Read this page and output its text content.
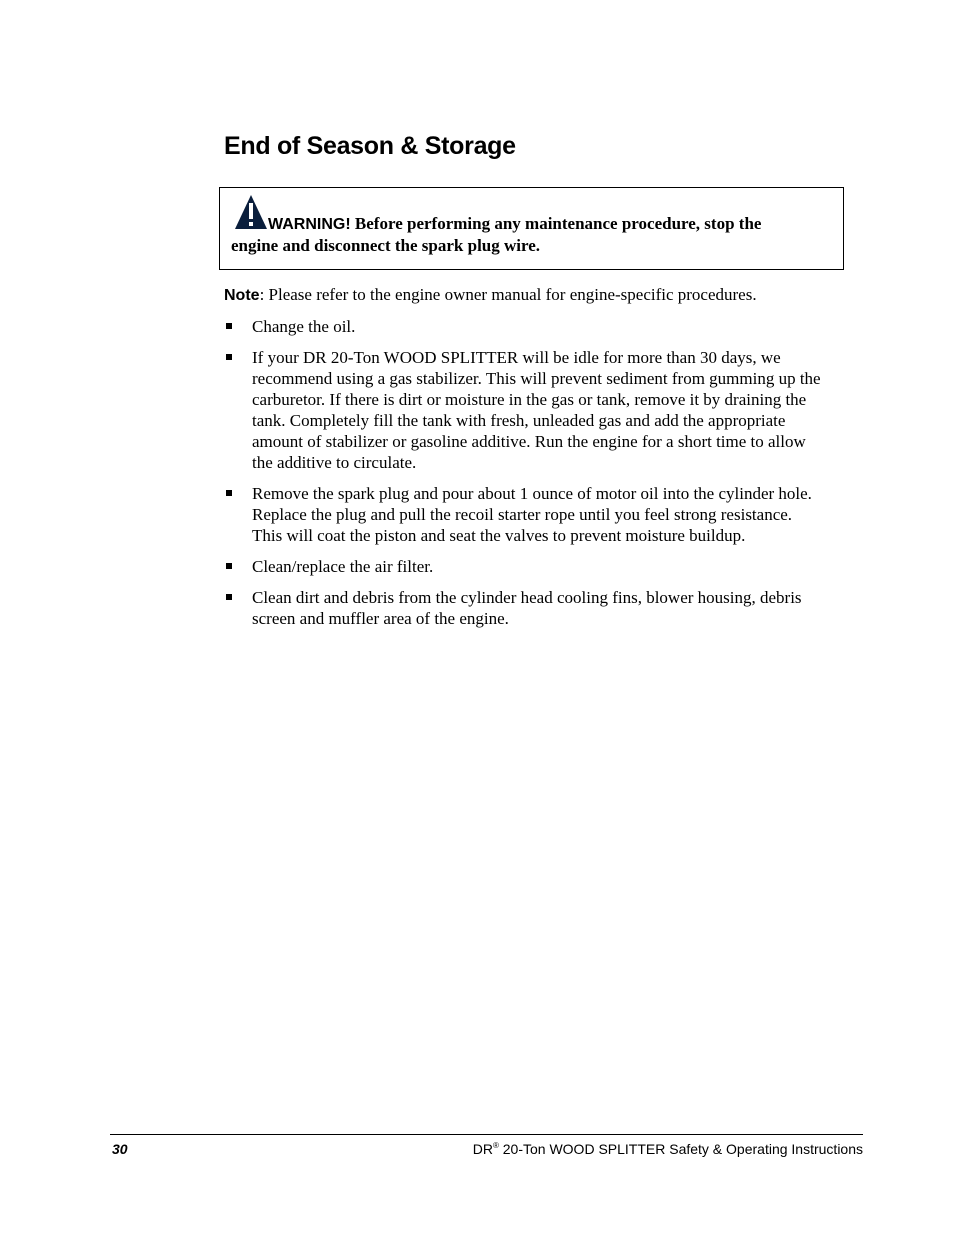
End of Season & Storage
WARNING! Before performing any maintenance procedure, stop the
engine and disconnect the spark plug wire.
Note: Please refer to the engine owner manual for engine-specific procedures.
Change the oil.
If your DR 20-Ton WOOD SPLITTER will be idle for more than 30 days, we
recommend using a gas stabilizer. This will prevent sediment from gumming up the
carburetor. If there is dirt or moisture in the gas or tank, remove it by draining the
tank. Completely fill the tank with fresh, unleaded gas and add the appropriate
amount of stabilizer or gasoline additive. Run the engine for a short time to allow
the additive to circulate.
Remove the spark plug and pour about 1 ounce of motor oil into the cylinder hole.
Replace the plug and pull the recoil starter rope until you feel strong resistance.
This will coat the piston and seat the valves to prevent moisture buildup.
Clean/replace the air filter.
Clean dirt and debris from the cylinder head cooling fins, blower housing, debris
screen and muffler area of the engine.
30	DR® 20-Ton WOOD SPLITTER Safety & Operating Instructions
